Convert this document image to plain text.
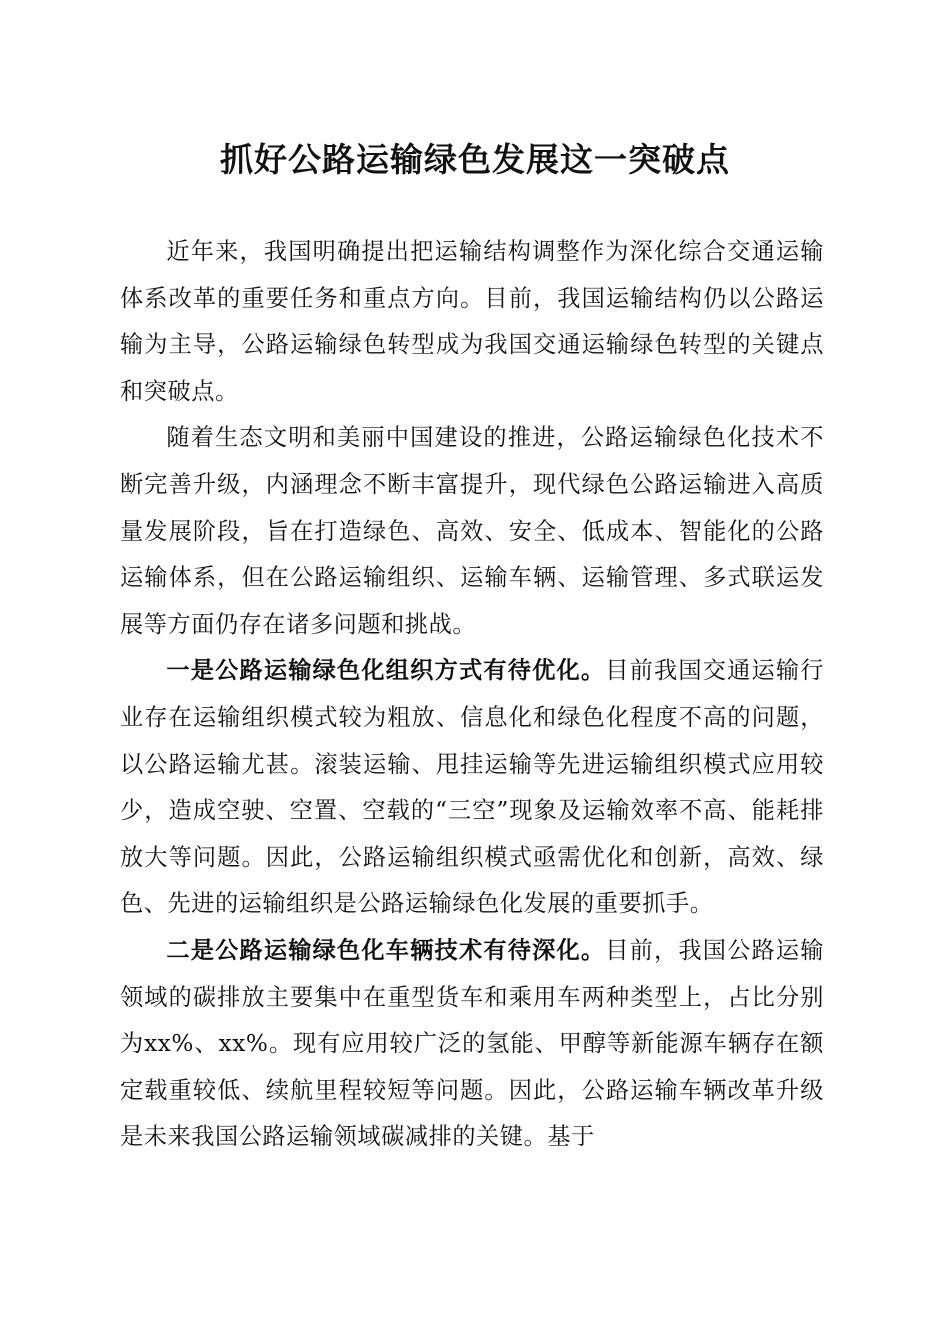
抓好公路运输绿色发展这一突破点

近年来，我国明确提出把运输结构调整作为深化综合交通运输体系改革的重要任务和重点方向。目前，我国运输结构仍以公路运输为主导，公路运输绿色转型成为我国交通运输绿色转型的关键点和突破点。

随着生态文明和美丽中国建设的推进，公路运输绿色化技术不断完善升级，内涵理念不断丰富提升，现代绿色公路运输进入高质量发展阶段，旨在打造绿色、高效、安全、低成本、智能化的公路运输体系，但在公路运输组织、运输车辆、运输管理、多式联运发展等方面仍存在诸多问题和挑战。

一是公路运输绿色化组织方式有待优化。目前我国交通运输行业存在运输组织模式较为粗放、信息化和绿色化程度不高的问题，以公路运输尤甚。滚装运输、甩挂运输等先进运输组织模式应用较少，造成空驶、空置、空载的“三空”现象及运输效率不高、能耗排放大等问题。因此，公路运输组织模式亟需优化和创新，高效、绿色、先进的运输组织是公路运输绿色化发展的重要抓手。

二是公路运输绿色化车辆技术有待深化。目前，我国公路运输领域的碳排放主要集中在重型货车和乘用车两种类型上，占比分别为xx%、xx%。现有应用较广泛的氢能、甲醇等新能源车辆存在额定载重较低、续航里程较短等问题。因此，公路运输车辆改革升级是未来我国公路运输领域碳减排的关键。基于
